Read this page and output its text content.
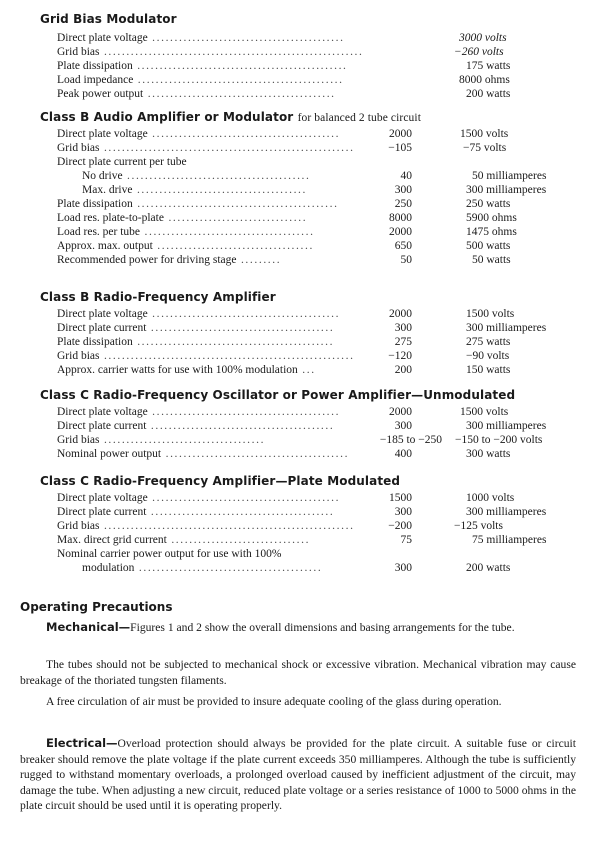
Grid Bias Modulator
Direct plate voltage ...........................................	3000 volts
Grid bias ..........................................................	−260 volts
Plate dissipation ...............................................	175 watts
Load impedance ..............................................	8000 ohms
Peak power output ..........................................	200 watts
Class B Audio Amplifier or Modulator for balanced 2 tube circuit
Direct plate voltage ..........................................	2000	1500 volts
Grid bias ........................................................	−105	−75 volts
Direct plate current per tube
No drive .........................................	40	50 milliamperes
Max. drive ......................................	300	300 milliamperes
Plate dissipation .............................................	250	250 watts
Load res. plate-to-plate ...............................	8000	5900 ohms
Load res. per tube ......................................	2000	1475 ohms
Approx. max. output ...................................	650	500 watts
Recommended power for driving stage .........	50	50 watts
Class B Radio-Frequency Amplifier
Direct plate voltage ..........................................	2000	1500 volts
Direct plate current .........................................	300	300 milliamperes
Plate dissipation ............................................	275	275 watts
Grid bias ........................................................	−120	−90 volts
Approx. carrier watts for use with 100% modulation ...	200	150 watts
Class C Radio-Frequency Oscillator or Power Amplifier—Unmodulated
Direct plate voltage ..........................................	2000	1500 volts
Direct plate current .........................................	300	300 milliamperes
Grid bias ....................................	−185 to −250 −150 to −200 volts
Nominal power output .........................................	400	300 watts
Class C Radio-Frequency Amplifier—Plate Modulated
Direct plate voltage ..........................................	1500	1000 volts
Direct plate current .........................................	300	300 milliamperes
Grid bias ........................................................	−200	−125 volts
Max. direct grid current ...............................	75	75 milliamperes
Nominal carrier power output for use with 100%
modulation .........................................	300	200 watts
Operating Precautions
Mechanical—Figures 1 and 2 show the overall dimensions and basing arrangements for the tube.
The tubes should not be subjected to mechanical shock or excessive vibration. Mechanical vibration may cause breakage of the thoriated tungsten filaments.
A free circulation of air must be provided to insure adequate cooling of the glass during operation.
Electrical—Overload protection should always be provided for the plate circuit. A suitable fuse or circuit breaker should remove the plate voltage if the plate current exceeds 350 milliamperes. Although the tube is sufficiently rugged to withstand momentary overloads, a prolonged overload caused by inefficient adjustment of the circuit, may damage the tube. When adjusting a new circuit, reduced plate voltage or a series resistance of 1000 to 5000 ohms in the plate circuit should be used until it is operating properly.
